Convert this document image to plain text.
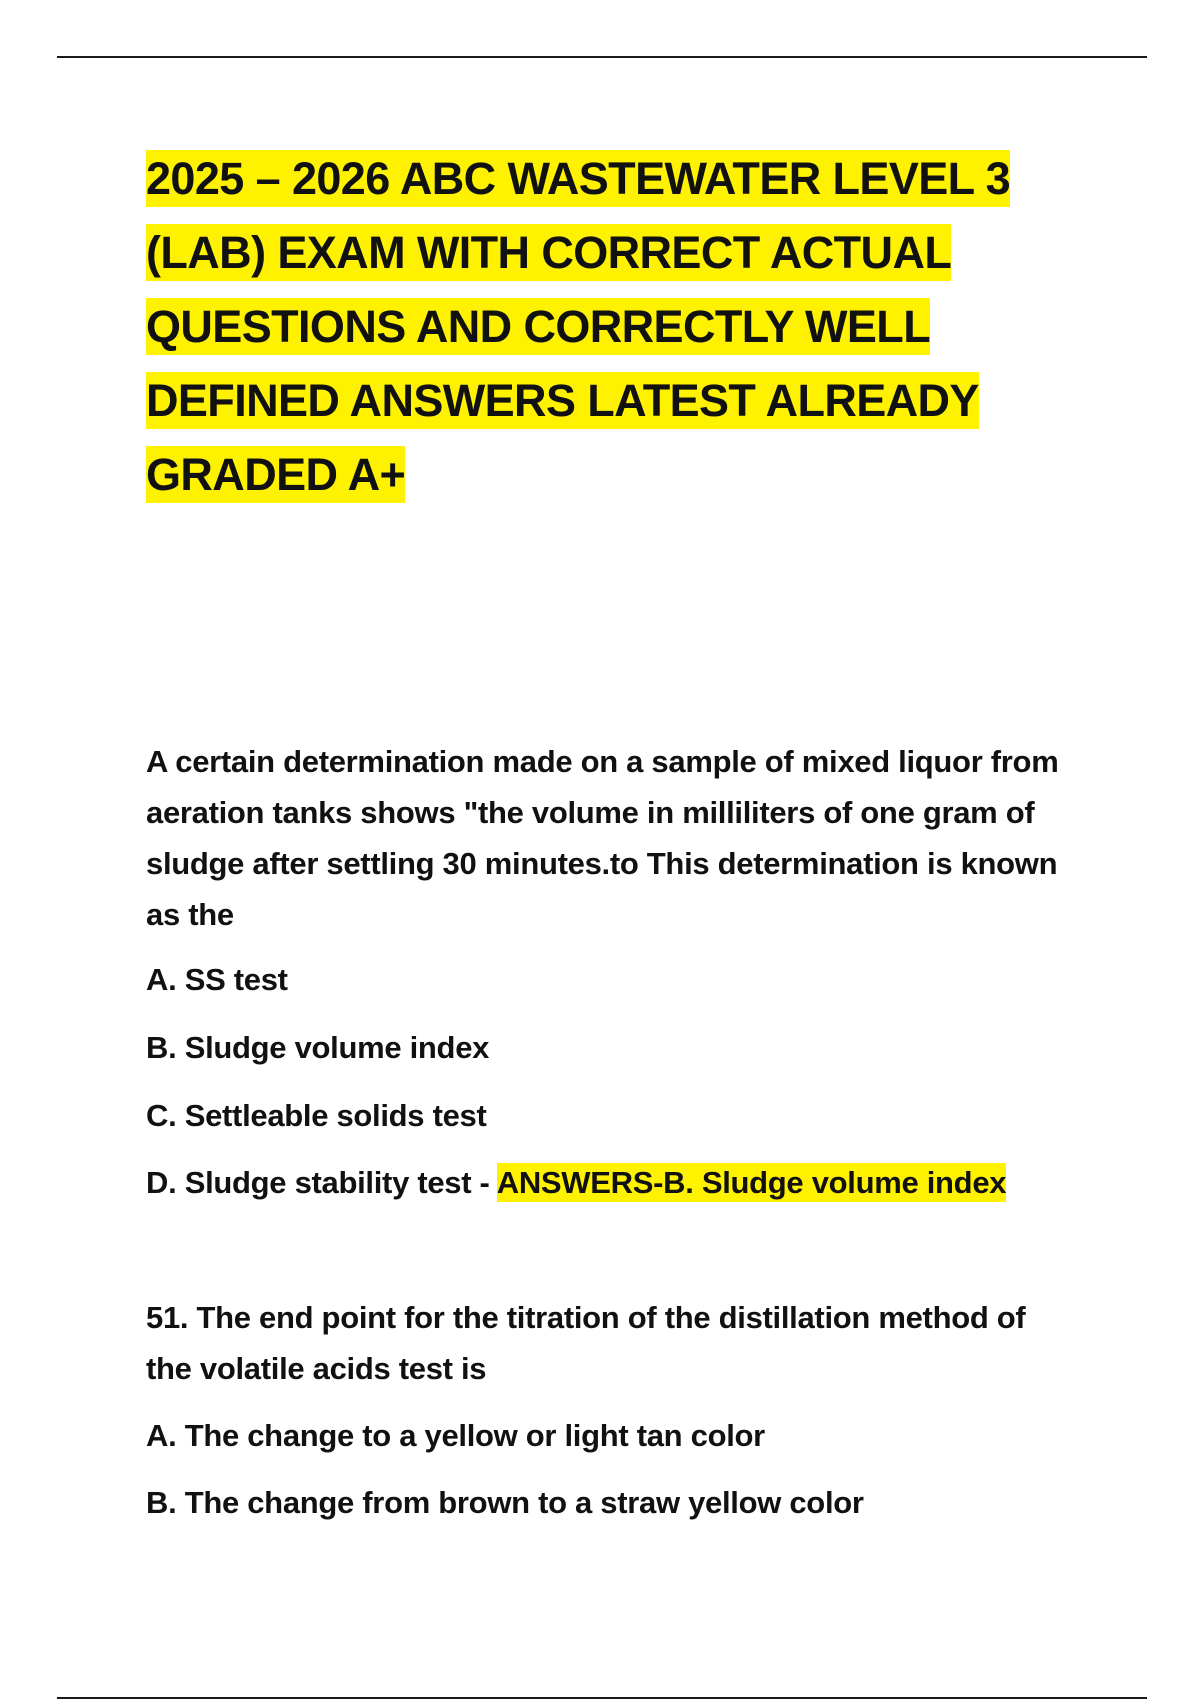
2025 – 2026 ABC WASTEWATER LEVEL 3 (LAB) EXAM WITH CORRECT ACTUAL QUESTIONS AND CORRECTLY WELL DEFINED ANSWERS LATEST ALREADY GRADED A+

A certain determination made on a sample of mixed liquor from aeration tanks shows "the volume in milliliters of one gram of sludge after settling 30 minutes.to This determination is known as the

A. SS test

B. Sludge volume index

C. Settleable solids test

D. Sludge stability test - ANSWERS-B. Sludge volume index

51. The end point for the titration of the distillation method of the volatile acids test is

A. The change to a yellow or light tan color

B. The change from brown to a straw yellow color
